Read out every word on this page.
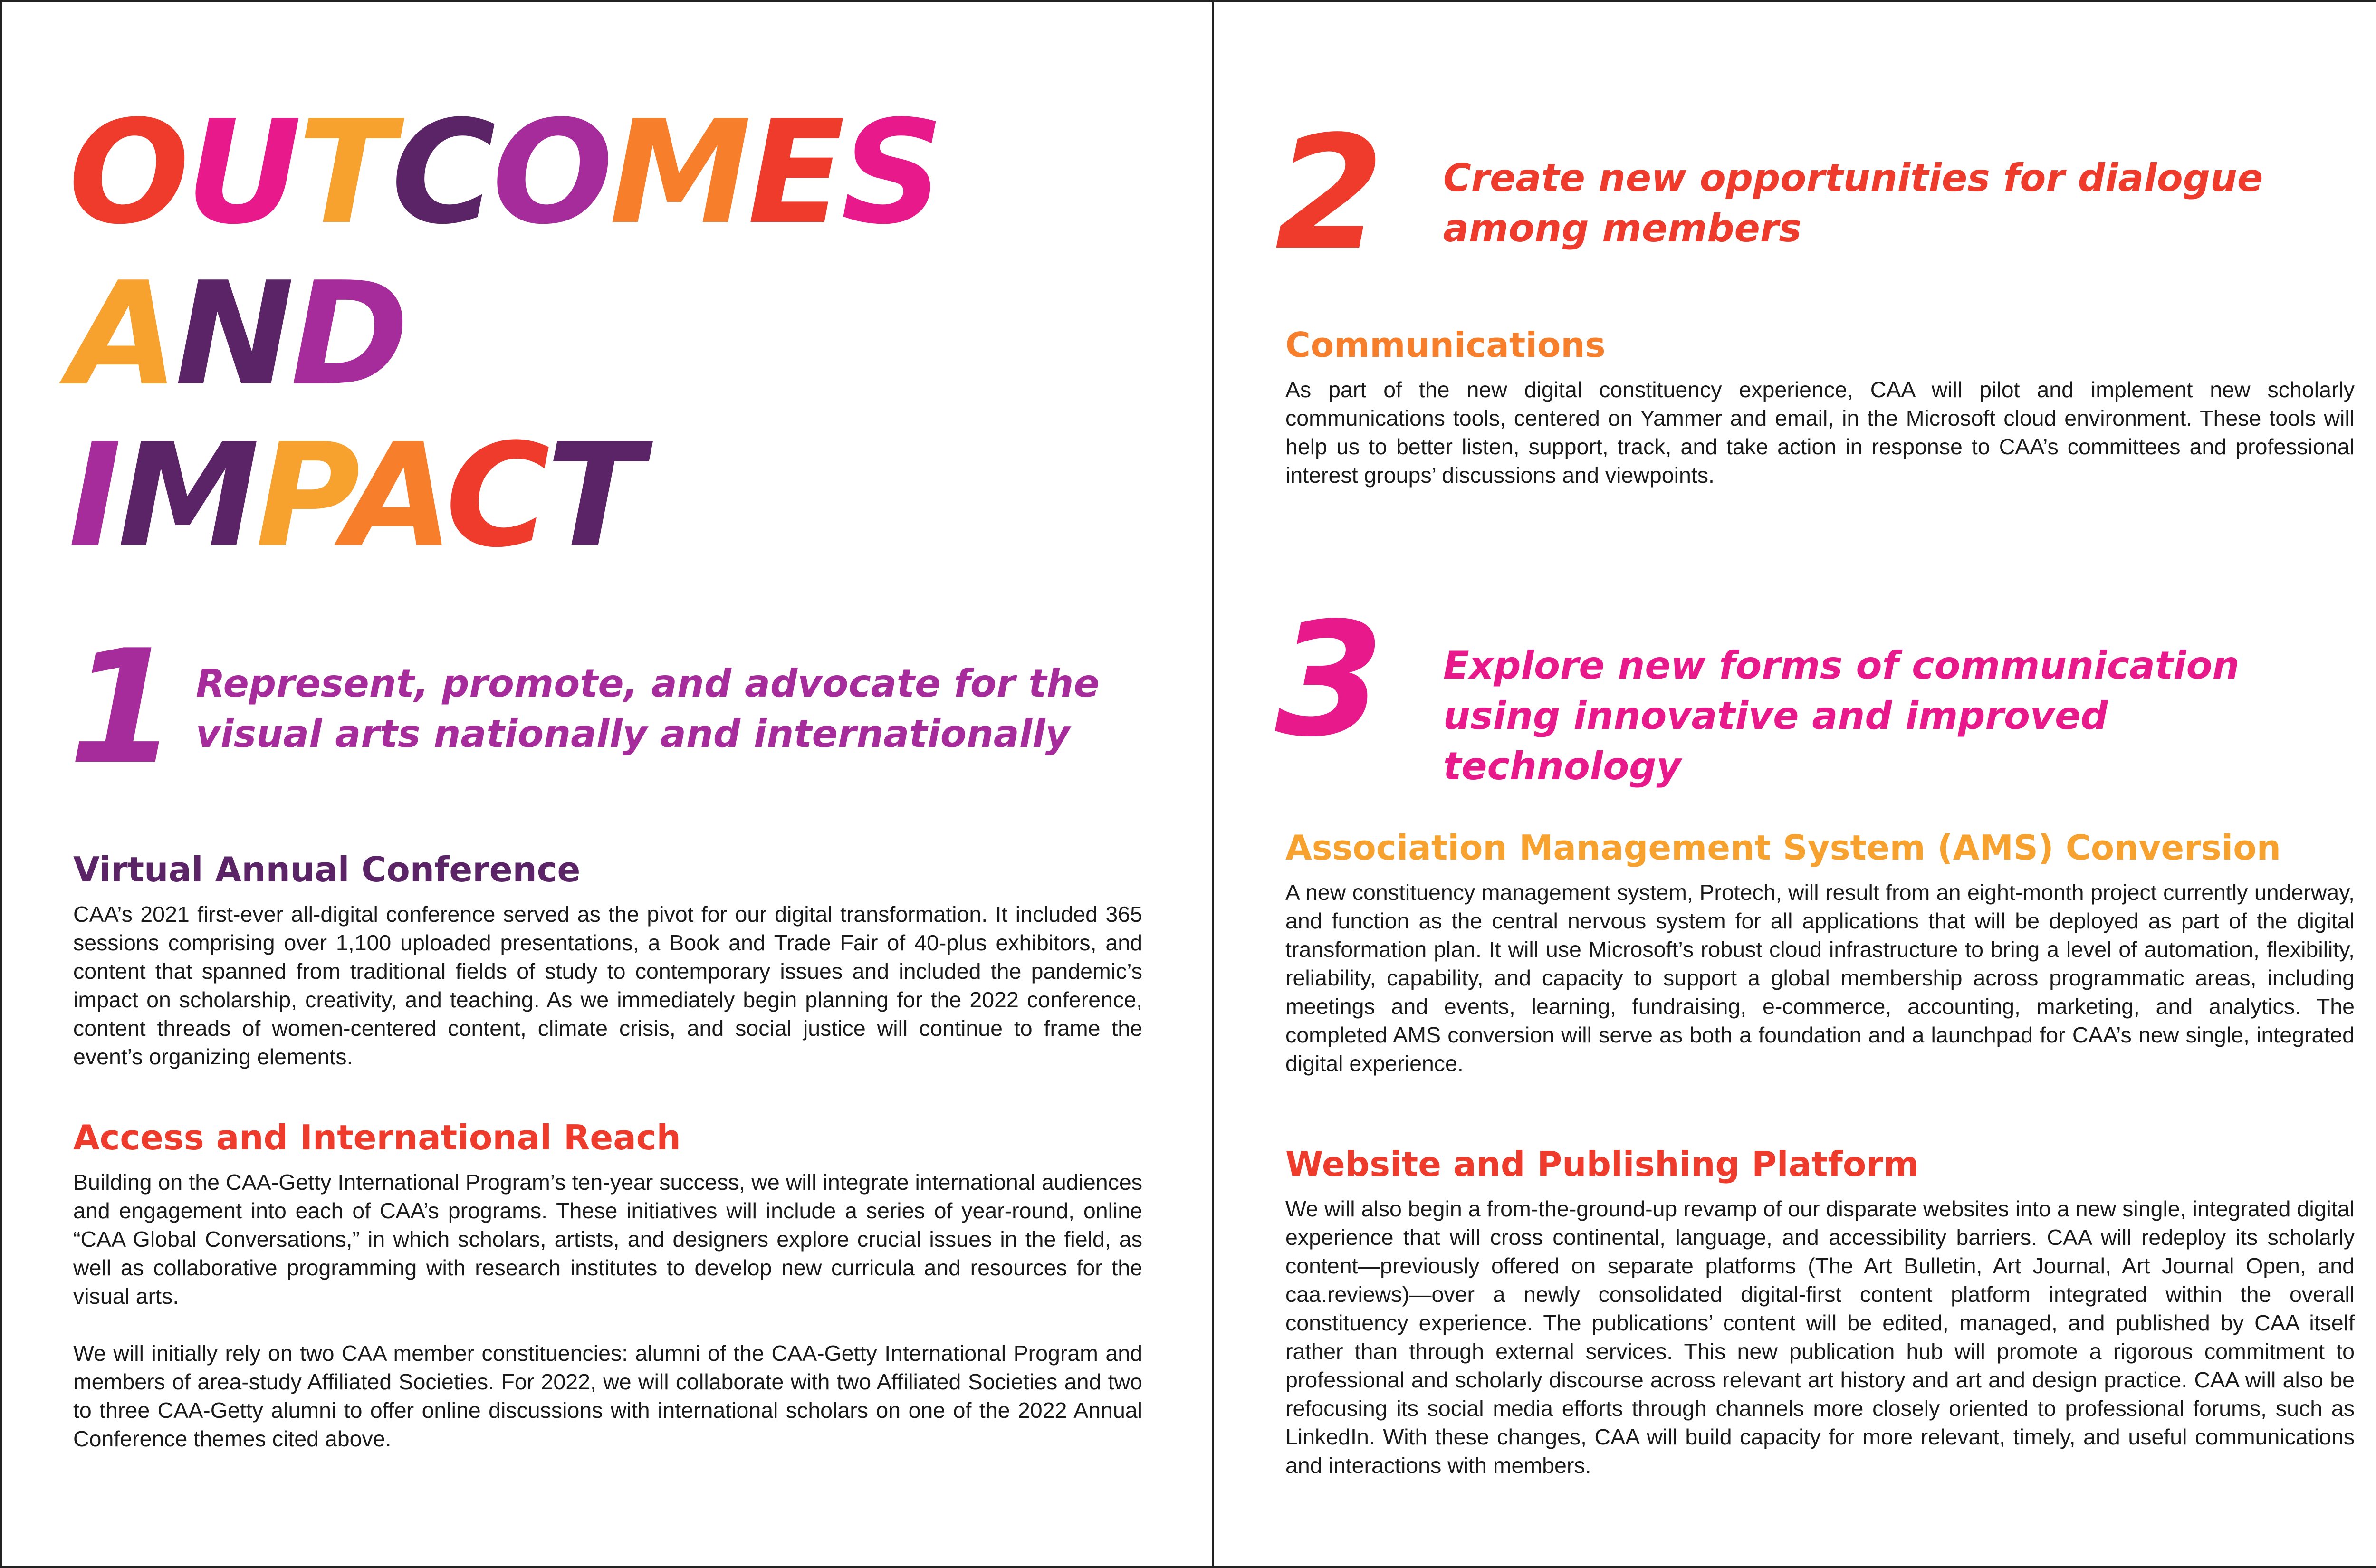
OUTCOMES
AND
IMPACT
1 Represent, promote, and advocate for the visual arts nationally and internationally

Virtual Annual Conference

CAA’s 2021 first-ever all-digital conference served as the pivot for our digital transformation. It included 365 sessions comprising over 1,100 uploaded presentations, a Book and Trade Fair of 40-plus exhibitors, and content that spanned from traditional fields of study to contemporary issues and included the pandemic’s impact on scholarship, creativity, and teaching. As we immediately begin planning for the 2022 conference, content threads of women-centered content, climate crisis, and social justice will continue to frame the event’s organizing elements.

Access and International Reach

Building on the CAA-Getty International Program’s ten-year success, we will integrate international audiences and engagement into each of CAA’s programs. These initiatives will include a series of year-round, online “CAA Global Conversations,” in which scholars, artists, and designers explore crucial issues in the field, as well as collaborative programming with research institutes to develop new curricula and resources for the visual arts.

We will initially rely on two CAA member constituencies: alumni of the CAA-Getty International Program and members of area-study Affiliated Societies. For 2022, we will collaborate with two Affiliated Societies and two to three CAA-Getty alumni to offer online discussions with international scholars on one of the 2022 Annual Conference themes cited above.

2 Create new opportunities for dialogue among members

Communications

As part of the new digital constituency experience, CAA will pilot and implement new scholarly communications tools, centered on Yammer and email, in the Microsoft cloud environment. These tools will help us to better listen, support, track, and take action in response to CAA’s committees and professional interest groups’ discussions and viewpoints.

3 Explore new forms of communication using innovative and improved technology

Association Management System (AMS) Conversion

A new constituency management system, Protech, will result from an eight-month project currently underway, and function as the central nervous system for all applications that will be deployed as part of the digital transformation plan. It will use Microsoft’s robust cloud infrastructure to bring a level of automation, flexibility, reliability, capability, and capacity to support a global membership across programmatic areas, including meetings and events, learning, fundraising, e-commerce, accounting, marketing, and analytics. The completed AMS conversion will serve as both a foundation and a launchpad for CAA’s new single, integrated digital experience.

Website and Publishing Platform

We will also begin a from-the-ground-up revamp of our disparate websites into a new single, integrated digital experience that will cross continental, language, and accessibility barriers. CAA will redeploy its scholarly content—previously offered on separate platforms (The Art Bulletin, Art Journal, Art Journal Open, and caa.reviews)—over a newly consolidated digital-first content platform integrated within the overall constituency experience. The publications’ content will be edited, managed, and published by CAA itself rather than through external services. This new publication hub will promote a rigorous commitment to professional and scholarly discourse across relevant art history and art and design practice. CAA will also be refocusing its social media efforts through channels more closely oriented to professional forums, such as LinkedIn. With these changes, CAA will build capacity for more relevant, timely, and useful communications and interactions with members.
